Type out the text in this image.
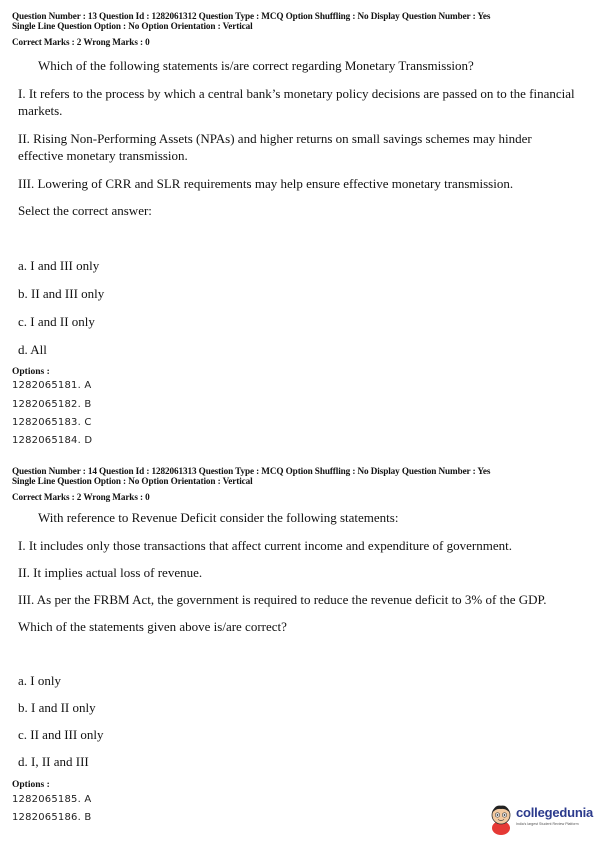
Question Number : 13 Question Id : 1282061312 Question Type : MCQ Option Shuffling : No Display Question Number : Yes
Single Line Question Option : No Option Orientation : Vertical
Correct Marks : 2 Wrong Marks : 0
Which of the following statements is/are correct regarding Monetary Transmission?
I. It refers to the process by which a central bank’s monetary policy decisions are passed on to the financial markets.
II. Rising Non-Performing Assets (NPAs) and higher returns on small savings schemes may hinder effective monetary transmission.
III. Lowering of CRR and SLR requirements may help ensure effective monetary transmission.
Select the correct answer:
a. I and III only
b. II and III only
c. I and II only
d. All
Options :
1282065181. A
1282065182. B
1282065183. C
1282065184. D
Question Number : 14 Question Id : 1282061313 Question Type : MCQ Option Shuffling : No Display Question Number : Yes
Single Line Question Option : No Option Orientation : Vertical
Correct Marks : 2 Wrong Marks : 0
With reference to Revenue Deficit consider the following statements:
I. It includes only those transactions that affect current income and expenditure of government.
II. It implies actual loss of revenue.
III. As per the FRBM Act, the government is required to reduce the revenue deficit to 3% of the GDP.
Which of the statements given above is/are correct?
a. I only
b. I and II only
c. II and III only
d. I, II and III
Options :
1282065185. A
1282065186. B	collegedunia
India's largest Student Review Platform
